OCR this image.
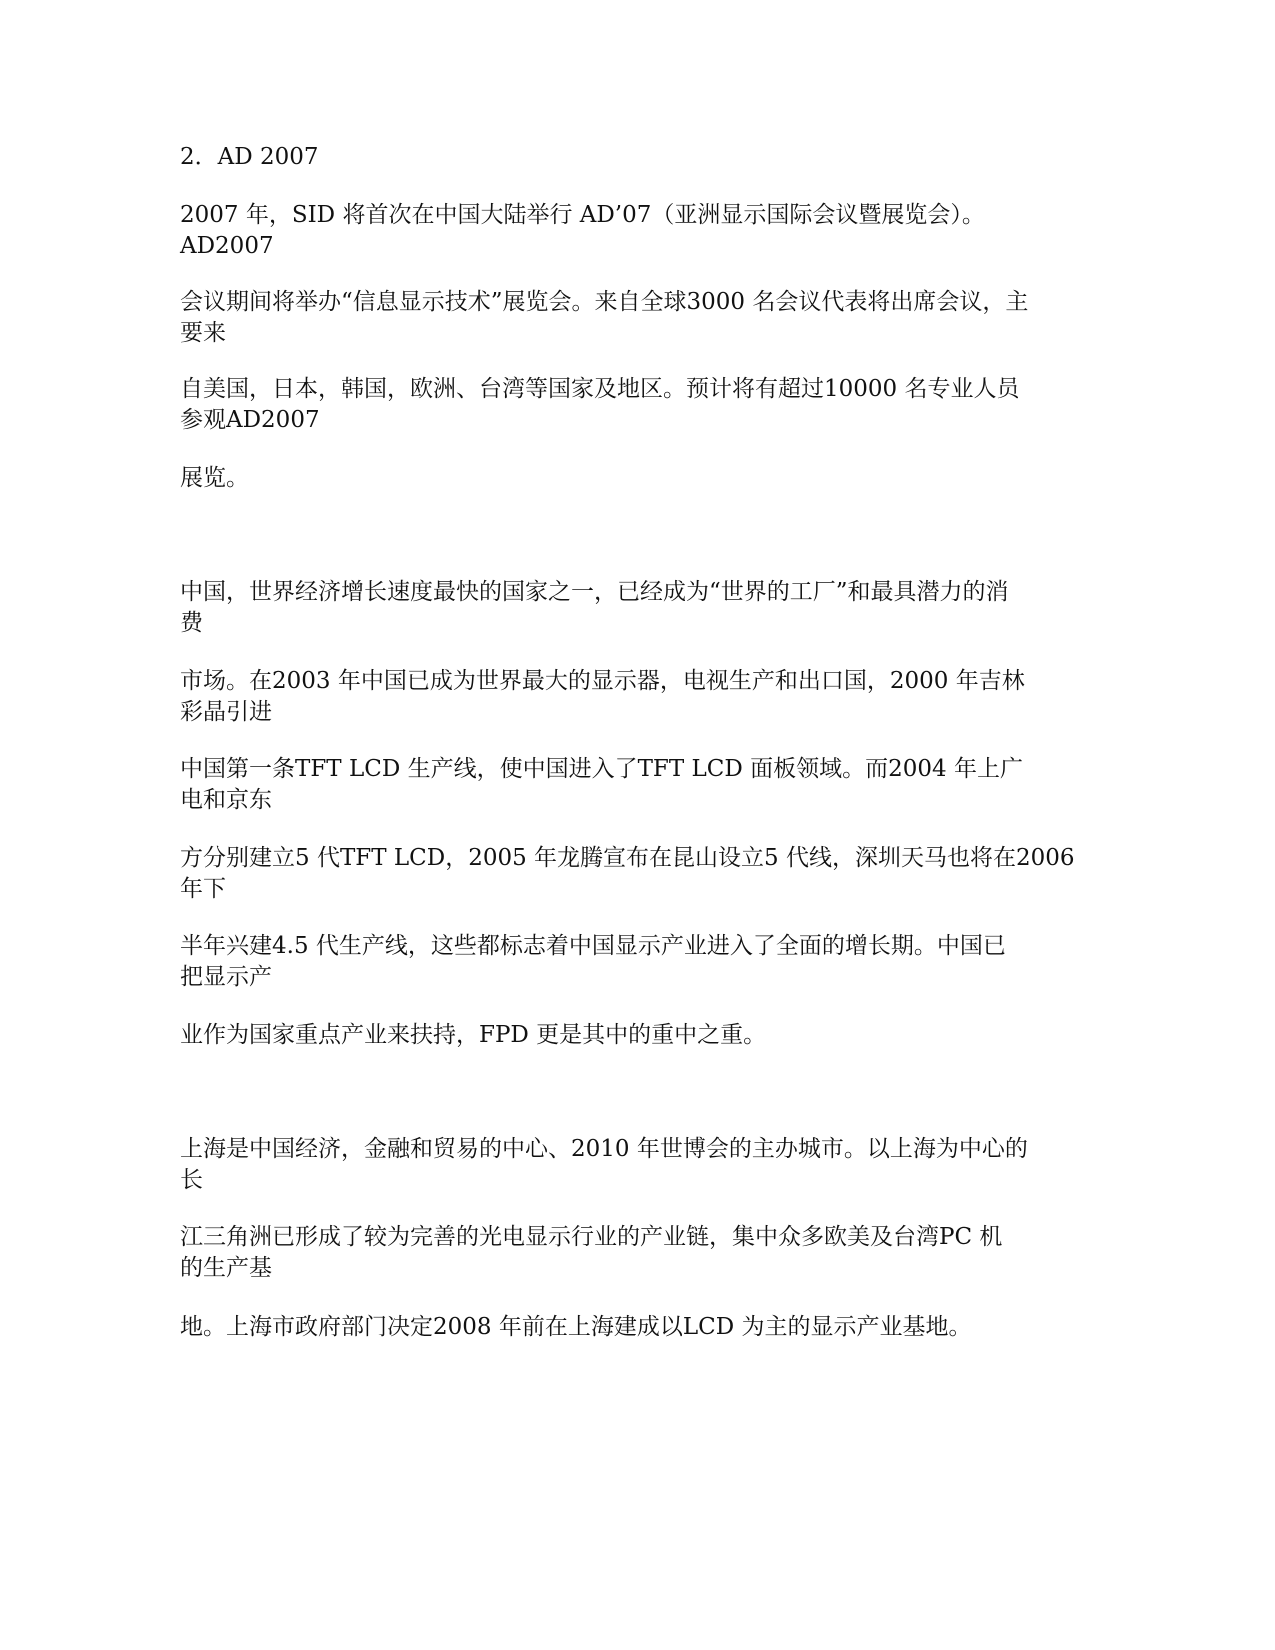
2．AD 2007

2007 年，SID 将首次在中国大陆举行 AD’07（亚洲显示国际会议暨展览会）。
AD2007

会议期间将举办“信息显示技术”展览会。来自全球3000 名会议代表将出席会议，主
要来

自美国，日本，韩国，欧洲、台湾等国家及地区。预计将有超过10000 名专业人员
参观AD2007

展览。

中国，世界经济增长速度最快的国家之一，已经成为“世界的工厂”和最具潜力的消
费

市场。在2003 年中国已成为世界最大的显示器，电视生产和出口国，2000 年吉林
彩晶引进

中国第一条TFT LCD 生产线，使中国进入了TFT LCD 面板领域。而2004 年上广
电和京东

方分别建立5 代TFT LCD，2005 年龙腾宣布在昆山设立5 代线，深圳天马也将在2006
年下

半年兴建4.5 代生产线，这些都标志着中国显示产业进入了全面的增长期。中国已
把显示产

业作为国家重点产业来扶持，FPD 更是其中的重中之重。

上海是中国经济，金融和贸易的中心、2010 年世博会的主办城市。以上海为中心的
长

江三角洲已形成了较为完善的光电显示行业的产业链，集中众多欧美及台湾PC 机
的生产基

地。上海市政府部门决定2008 年前在上海建成以LCD 为主的显示产业基地。
